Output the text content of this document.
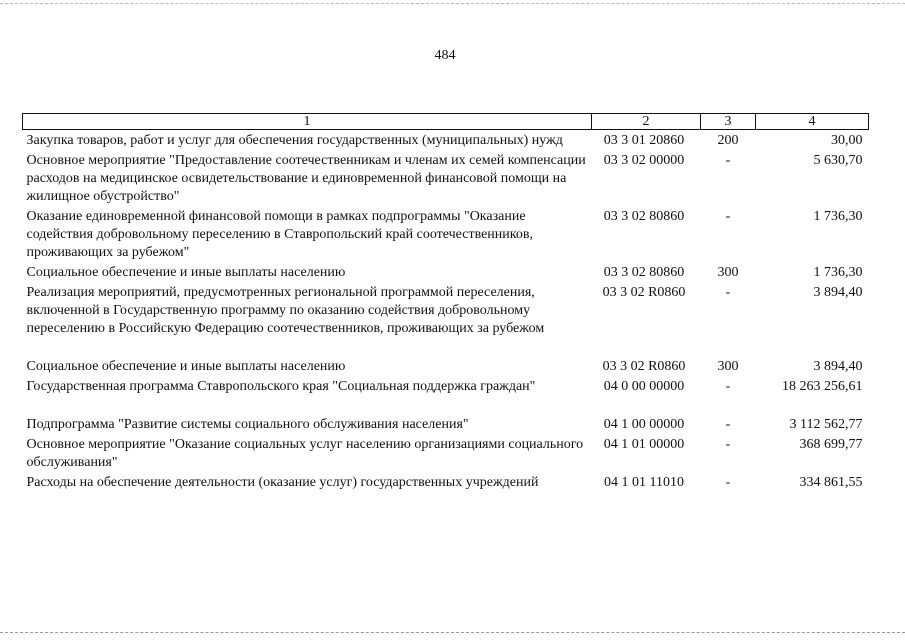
484
1	2	3	4
Закупка товаров, работ и услуг для обеспечения государственных (муниципальных) нужд	03 3 01 20860	200	30,00
Основное мероприятие "Предоставление соотечественникам и членам их семей компенсации расходов на медицинское освидетельствование и единовременной финансовой помощи на жилищное обустройство"	03 3 02 00000	-	5 630,70
Оказание единовременной финансовой помощи в рамках подпрограммы "Оказание содействия добровольному переселению в Ставропольский край соотечественников, проживающих за рубежом"	03 3 02 80860	-	1 736,30
Социальное обеспечение и иные выплаты населению	03 3 02 80860	300	1 736,30
Реализация мероприятий, предусмотренных региональной программой переселения, включенной в Государственную программу по оказанию содействия добровольному переселению в Российскую Федерацию соотечественников, проживающих за рубежом	03 3 02 R0860	-	3 894,40
Социальное обеспечение и иные выплаты населению	03 3 02 R0860	300	3 894,40
Государственная программа Ставропольского края "Социальная поддержка граждан"	04 0 00 00000	-	18 263 256,61
Подпрограмма "Развитие системы социального обслуживания населения"	04 1 00 00000	-	3 112 562,77
Основное мероприятие "Оказание социальных услуг населению организациями социального обслуживания"	04 1 01 00000	-	368 699,77
Расходы на обеспечение деятельности (оказание услуг) государственных учреждений	04 1 01 11010	-	334 861,55
